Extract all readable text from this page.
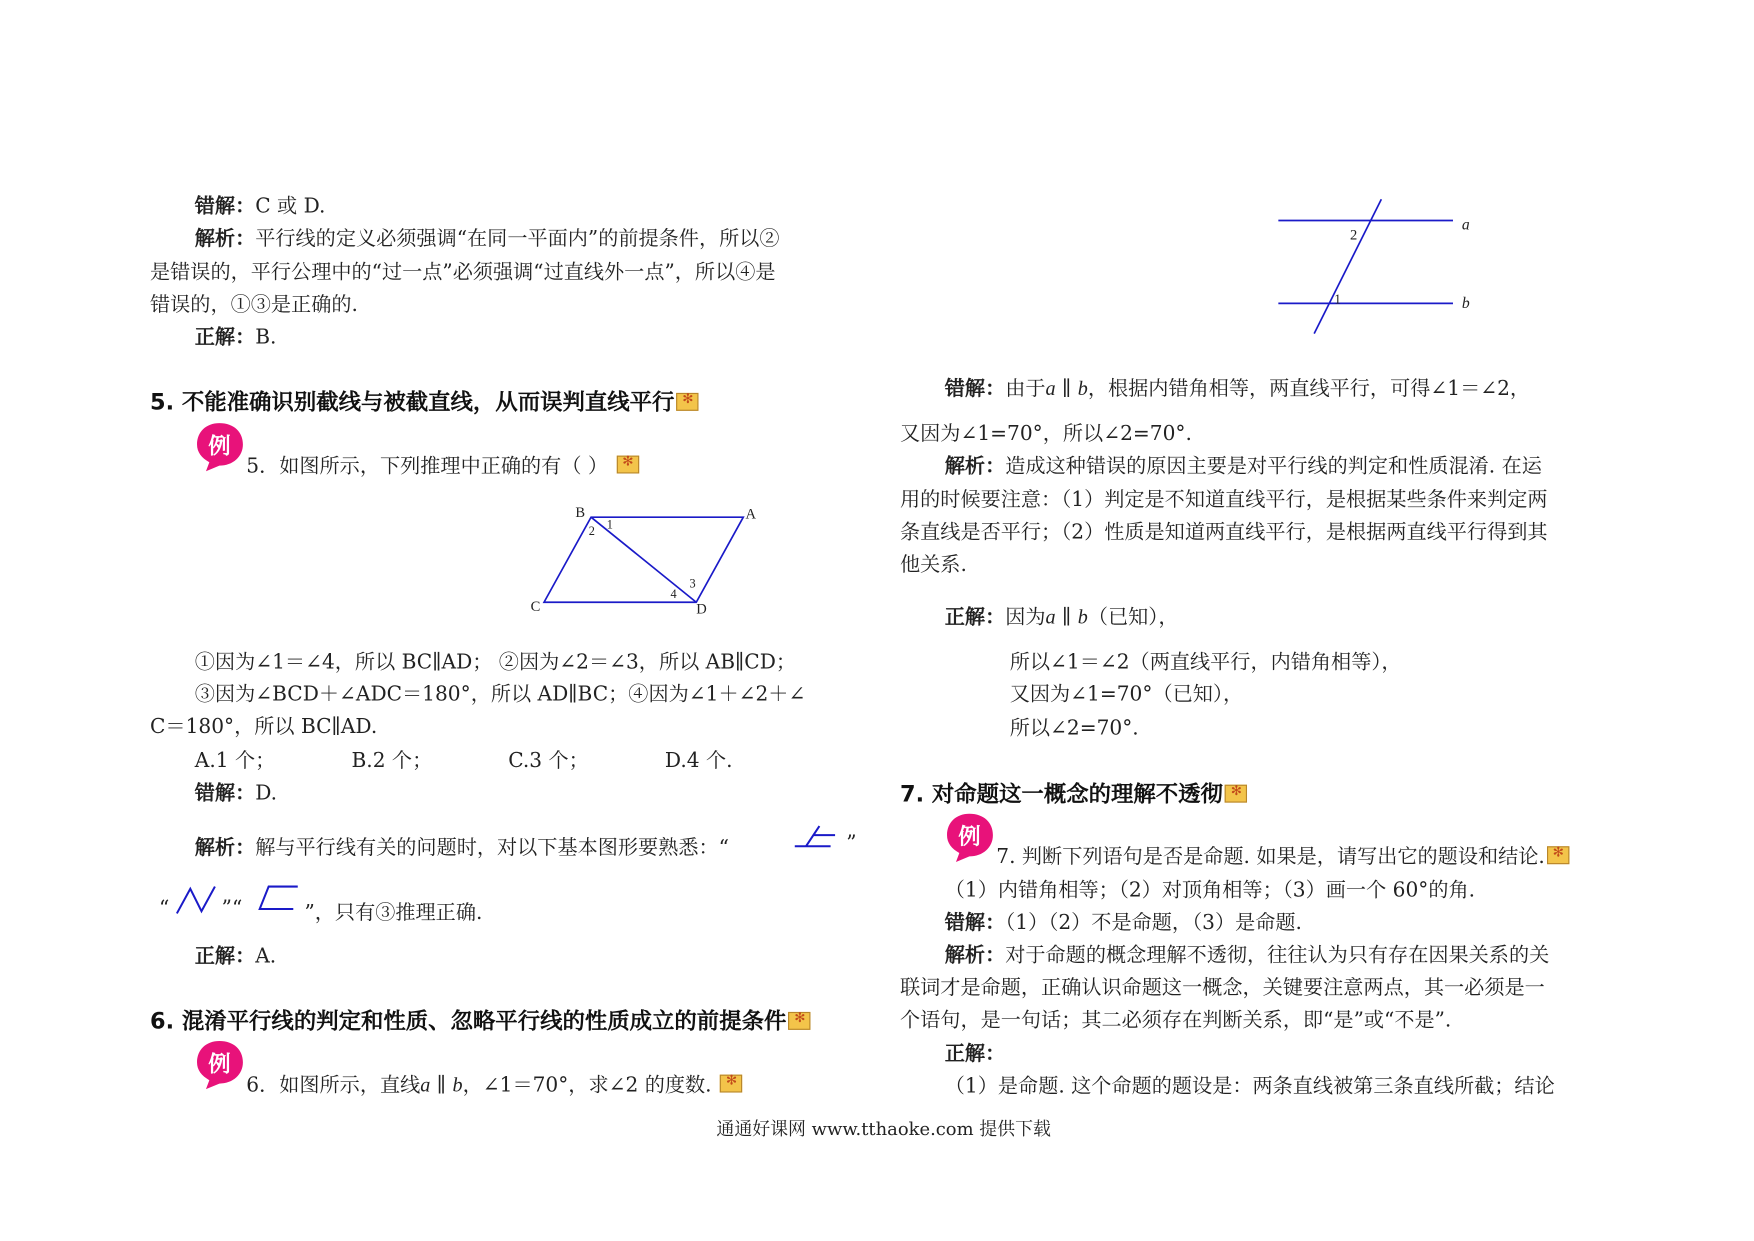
错解：C 或 D.
解析：平行线的定义必须强调“在同一平面内”的前提条件，所以②
是错误的，平行公理中的“过一点”必须强调“过直线外一点”，所以④是
错误的，①③是正确的.
正解：B.
5. 不能准确识别截线与被截直线，从而误判直线平行✻
例
5．如图所示，下列推理中正确的有（ ） ✻
B	A
C	D
1
2
3
4
①因为∠1＝∠4，所以 BC∥AD； ②因为∠2＝∠3，所以 AB∥CD；
③因为∠BCD＋∠ADC＝180°，所以 AD∥BC；④因为∠1＋∠2＋∠
C＝180°，所以 BC∥AD.
A.1 个；	B.2 个；	C.3 个；	D.4 个.
错解：D.
解析：解与平行线有关的问题时，对以下基本图形要熟悉：“	”
“	”“	”，只有③推理正确.
正解：A.
6. 混淆平行线的判定和性质、忽略平行线的性质成立的前提条件✻
例
6．如图所示，直线a ∥ b，∠1＝70°，求∠2 的度数. ✻
a
b
2
1
错解：由于a ∥ b，根据内错角相等，两直线平行，可得∠1＝∠2，
又因为∠1=70°，所以∠2=70°.
解析：造成这种错误的原因主要是对平行线的判定和性质混淆. 在运
用的时候要注意：（1）判定是不知道直线平行，是根据某些条件来判定两
条直线是否平行；（2）性质是知道两直线平行，是根据两直线平行得到其
他关系.
正解：因为a ∥ b（已知），
所以∠1＝∠2（两直线平行，内错角相等），
又因为∠1=70°（已知），
所以∠2=70°.
7. 对命题这一概念的理解不透彻✻
例
7. 判断下列语句是否是命题. 如果是，请写出它的题设和结论.✻
（1）内错角相等；（2）对顶角相等；（3）画一个 60°的角.
错解：（1）（2）不是命题，（3）是命题.
解析：对于命题的概念理解不透彻，往往认为只有存在因果关系的关
联词才是命题，正确认识命题这一概念，关键要注意两点，其一必须是一
个语句，是一句话；其二必须存在判断关系，即“是”或“不是”.
正解：
（1）是命题. 这个命题的题设是：两条直线被第三条直线所截；结论
通通好课网 www.tthaoke.com 提供下载
